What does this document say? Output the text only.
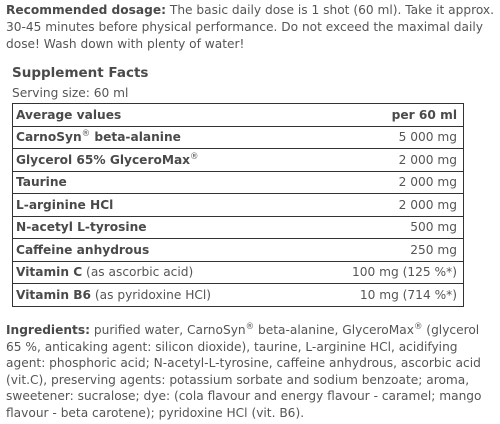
Recommended dosage: The basic daily dose is 1 shot (60 ml). Take it approx. 30-45 minutes before physical performance. Do not exceed the maximal daily dose! Wash down with plenty of water!

Supplement Facts
Serving size: 60 ml
Average values	per 60 ml
CarnoSyn® beta-alanine	5 000 mg
Glycerol 65% GlyceroMax®	2 000 mg
Taurine	2 000 mg
L-arginine HCl	2 000 mg
N-acetyl L-tyrosine	500 mg
Caffeine anhydrous	250 mg
Vitamin C (as ascorbic acid)	100 mg (125 %*)
Vitamin B6 (as pyridoxine HCl)	10 mg (714 %*)

Ingredients: purified water, CarnoSyn® beta-alanine, GlyceroMax® (glycerol 65 %, anticaking agent: silicon dioxide), taurine, L-arginine HCl, acidifying agent: phosphoric acid; N-acetyl-L-tyrosine, caffeine anhydrous, ascorbic acid (vit.C), preserving agents: potassium sorbate and sodium benzoate; aroma, sweetener: sucralose; dye: (cola flavour and energy flavour - caramel; mango flavour - beta carotene); pyridoxine HCl (vit. B6).
